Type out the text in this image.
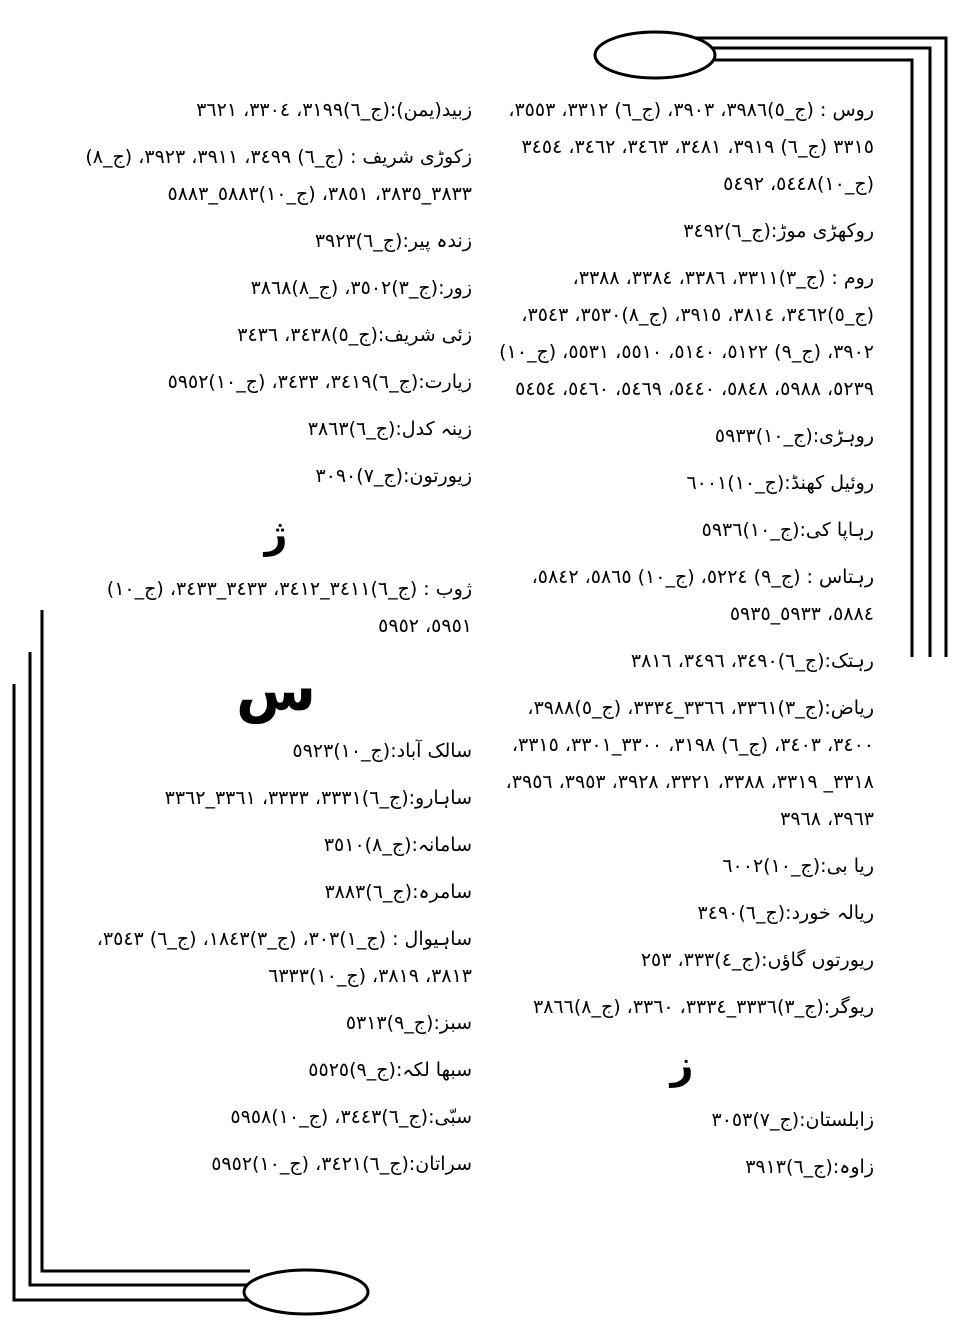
روس : (ج_٥)٣٩٨٦، ٣٩٠٣، (ج_٦) ٣٣١٢، ٣٥٥٣، ٣٣١٥ (ج_٦) ٣٩١٩، ٣٤٨١، ٣٤٦٣، ٣٤٦٢، ٣٤٥٤ (ج_١٠)٥٤٤٨، ٥٤٩٢
روکھڑی موڑ:(ج_٦)٣٤٩٢
روم : (ج_٣)٣٣١١، ٣٣٨٦، ٣٣٨٤، ٣٣٨٨، (ج_٥)٣٤٦٢، ٣٨١٤، ٣٩١٥، (ج_٨)٣٥٣٠، ٣٥٤٣، ٣٩٠٢، (ج_٩) ٥١٢٢، ٥١٤٠، ٥٥١٠، ٥٥٣١، (ج_١٠) ٥٢٣٩، ٥٩٨٨، ٥٨٤٨، ٥٤٤٠، ٥٤٦٩، ٥٤٦٠، ٥٤٥٤
روہڑی:(ج_١٠)٥٩٣٣
روئیل کھنڈ:(ج_١٠)٦٠٠١
رہاپا کی:(ج_١٠)٥٩٣٦
رہتاس : (ج_٩) ٥٢٢٤، (ج_١٠) ٥٨٦٥، ٥٨٤٢، ٥٨٨٤، ٥٩٣٣_٥٩٣٥
رہتک:(ج_٦)٣٤٩٠، ٣٤٩٦، ٣٨١٦
ریاض:(ج_٣)٣٣٦١، ٣٣٦٦_٣٣٣٤، (ج_٥)٣٩٨٨، ٣٤٠٠، ٣٤٠٣، (ج_٦) ٣١٩٨، ٣٣٠٠_٣٣٠١، ٣٣١٥، ٣٣١٨_ ٣٣١٩، ٣٣٨٨، ٣٣٢١، ٣٩٢٨، ٣٩٥٣، ٣٩٥٦، ٣٩٦٣، ٣٩٦٨
ریا بی:(ج_١٠)٦٠٠٢
ریالہ خورد:(ج_٦)٣٤٩٠
ریورتوں گاؤں:(ج_٤)٣٣٣، ٢٥٣
ریوگر:(ج_٣)٣٣٣٦_٣٣٣٤، ٣٣٦٠، (ج_٨)٣٨٦٦
ز
زابلستان:(ج_٧)٣٠٥٣
زاوہ:(ج_٦)٣٩١٣
زبید(یمن):(ج_٦)٣١٩٩، ٣٣٠٤، ٣٦٢١
زکوڑی شریف : (ج_٦) ٣٤٩٩، ٣٩١١، ٣٩٢٣، (ج_٨) ٣٨٣٣_٣٨٣٥، ٣٨٥١، (ج_١٠)٥٨٨٣_٥٨٨٣
زندہ پیر:(ج_٦)٣٩٢٣
زور:(ج_٣)٣٥٠٢، (ج_٨)٣٨٦٨
زئی شریف:(ج_٥)٣٤٣٨، ٣٤٣٦
زیارت:(ج_٦)٣٤١٩، ٣٤٣٣، (ج_١٠)٥٩٥٢
زینہ کدل:(ج_٦)٣٨٦٣
زیورتون:(ج_٧)٣٠٩٠
ژ
ژوب : (ج_٦)٣٤١١_٣٤١٢، ٣٤٣٣_٣٤٣٣، (ج_١٠) ٥٩٥١، ٥٩٥٢
س
سالک آباد:(ج_١٠)٥٩٢٣
ساہارو:(ج_٦)٣٣٣١، ٣٣٣٣، ٣٣٦١_٣٣٦٢
سامانہ:(ج_٨)٣٥١٠
سامرہ:(ج_٦)٣٨٨٣
ساہیوال : (ج_١)٣٠٣، (ج_٣)١٨٤٣، (ج_٦) ٣٥٤٣، ٣٨١٣، ٣٨١٩، (ج_١٠)٦٣٣٣
سبز:(ج_٩)٥٣١٣
سبھا لکہ:(ج_٩)٥٥٢٥
سبّی:(ج_٦)٣٤٤٣، (ج_١٠)٥٩٥٨
سراتان:(ج_٦)٣٤٢١، (ج_١٠)٥٩٥٢
